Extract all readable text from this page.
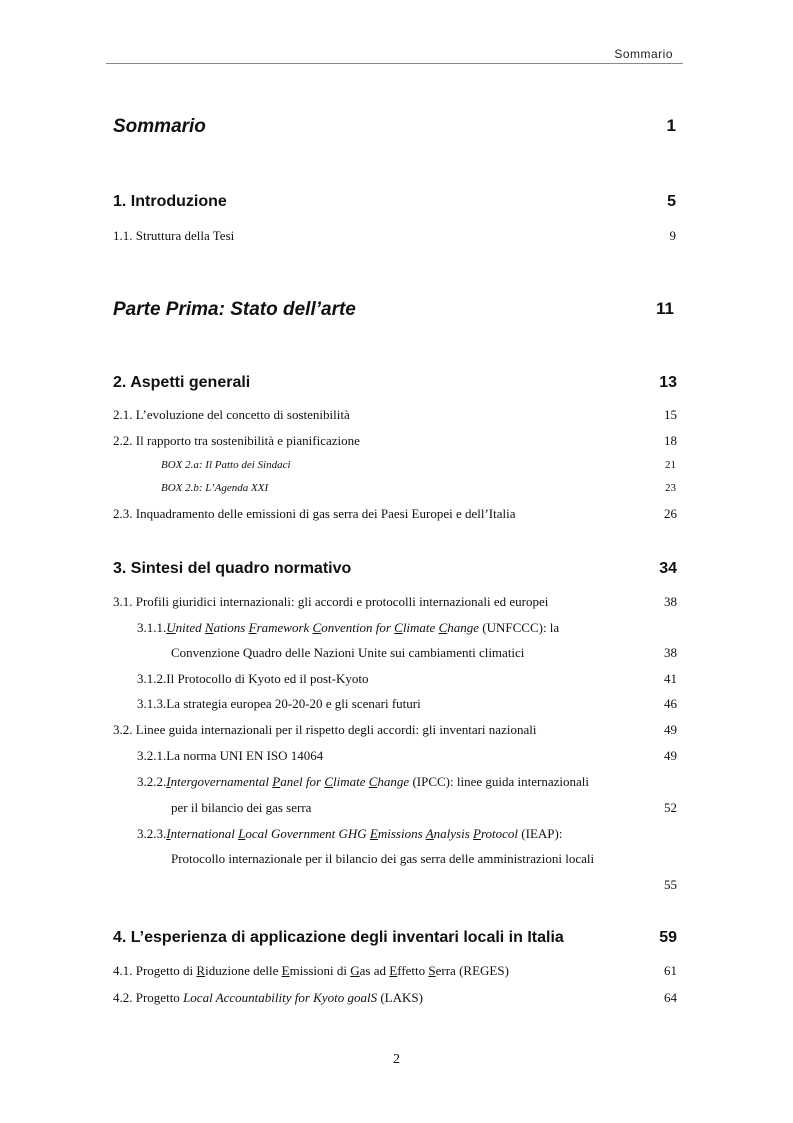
Sommario
Sommario	1
1. Introduzione	5
1.1. Struttura della Tesi	9
Parte Prima: Stato dell’arte	11
2. Aspetti generali	13
2.1. L’evoluzione del concetto di sostenibilità	15
2.2. Il rapporto tra sostenibilità e pianificazione	18
BOX 2.a: Il Patto dei Sindaci	21
BOX 2.b: L’Agenda XXI	23
2.3. Inquadramento delle emissioni di gas serra dei Paesi Europei e dell’Italia	26
3. Sintesi del quadro normativo	34
3.1. Profili giuridici internazionali: gli accordi e protocolli internazionali ed europei	38
3.1.1.United Nations Framework Convention for Climate Change (UNFCCC): la
Convenzione Quadro delle Nazioni Unite sui cambiamenti climatici	38
3.1.2.Il Protocollo di Kyoto ed il post-Kyoto	41
3.1.3.La strategia europea 20-20-20 e gli scenari futuri	46
3.2. Linee guida internazionali per il rispetto degli accordi: gli inventari nazionali	49
3.2.1.La norma UNI EN ISO 14064	49
3.2.2.Intergovernamental Panel for Climate Change (IPCC): linee guida internazionali
per il bilancio dei gas serra	52
3.2.3.International Local Government GHG Emissions Analysis Protocol (IEAP):
Protocollo internazionale per il bilancio dei gas serra delle amministrazioni locali
55
4. L’esperienza di applicazione degli inventari locali in Italia	59
4.1. Progetto di Riduzione delle Emissioni di Gas ad Effetto Serra (REGES)	61
4.2. Progetto Local Accountability for Kyoto goalS (LAKS)	64
2
